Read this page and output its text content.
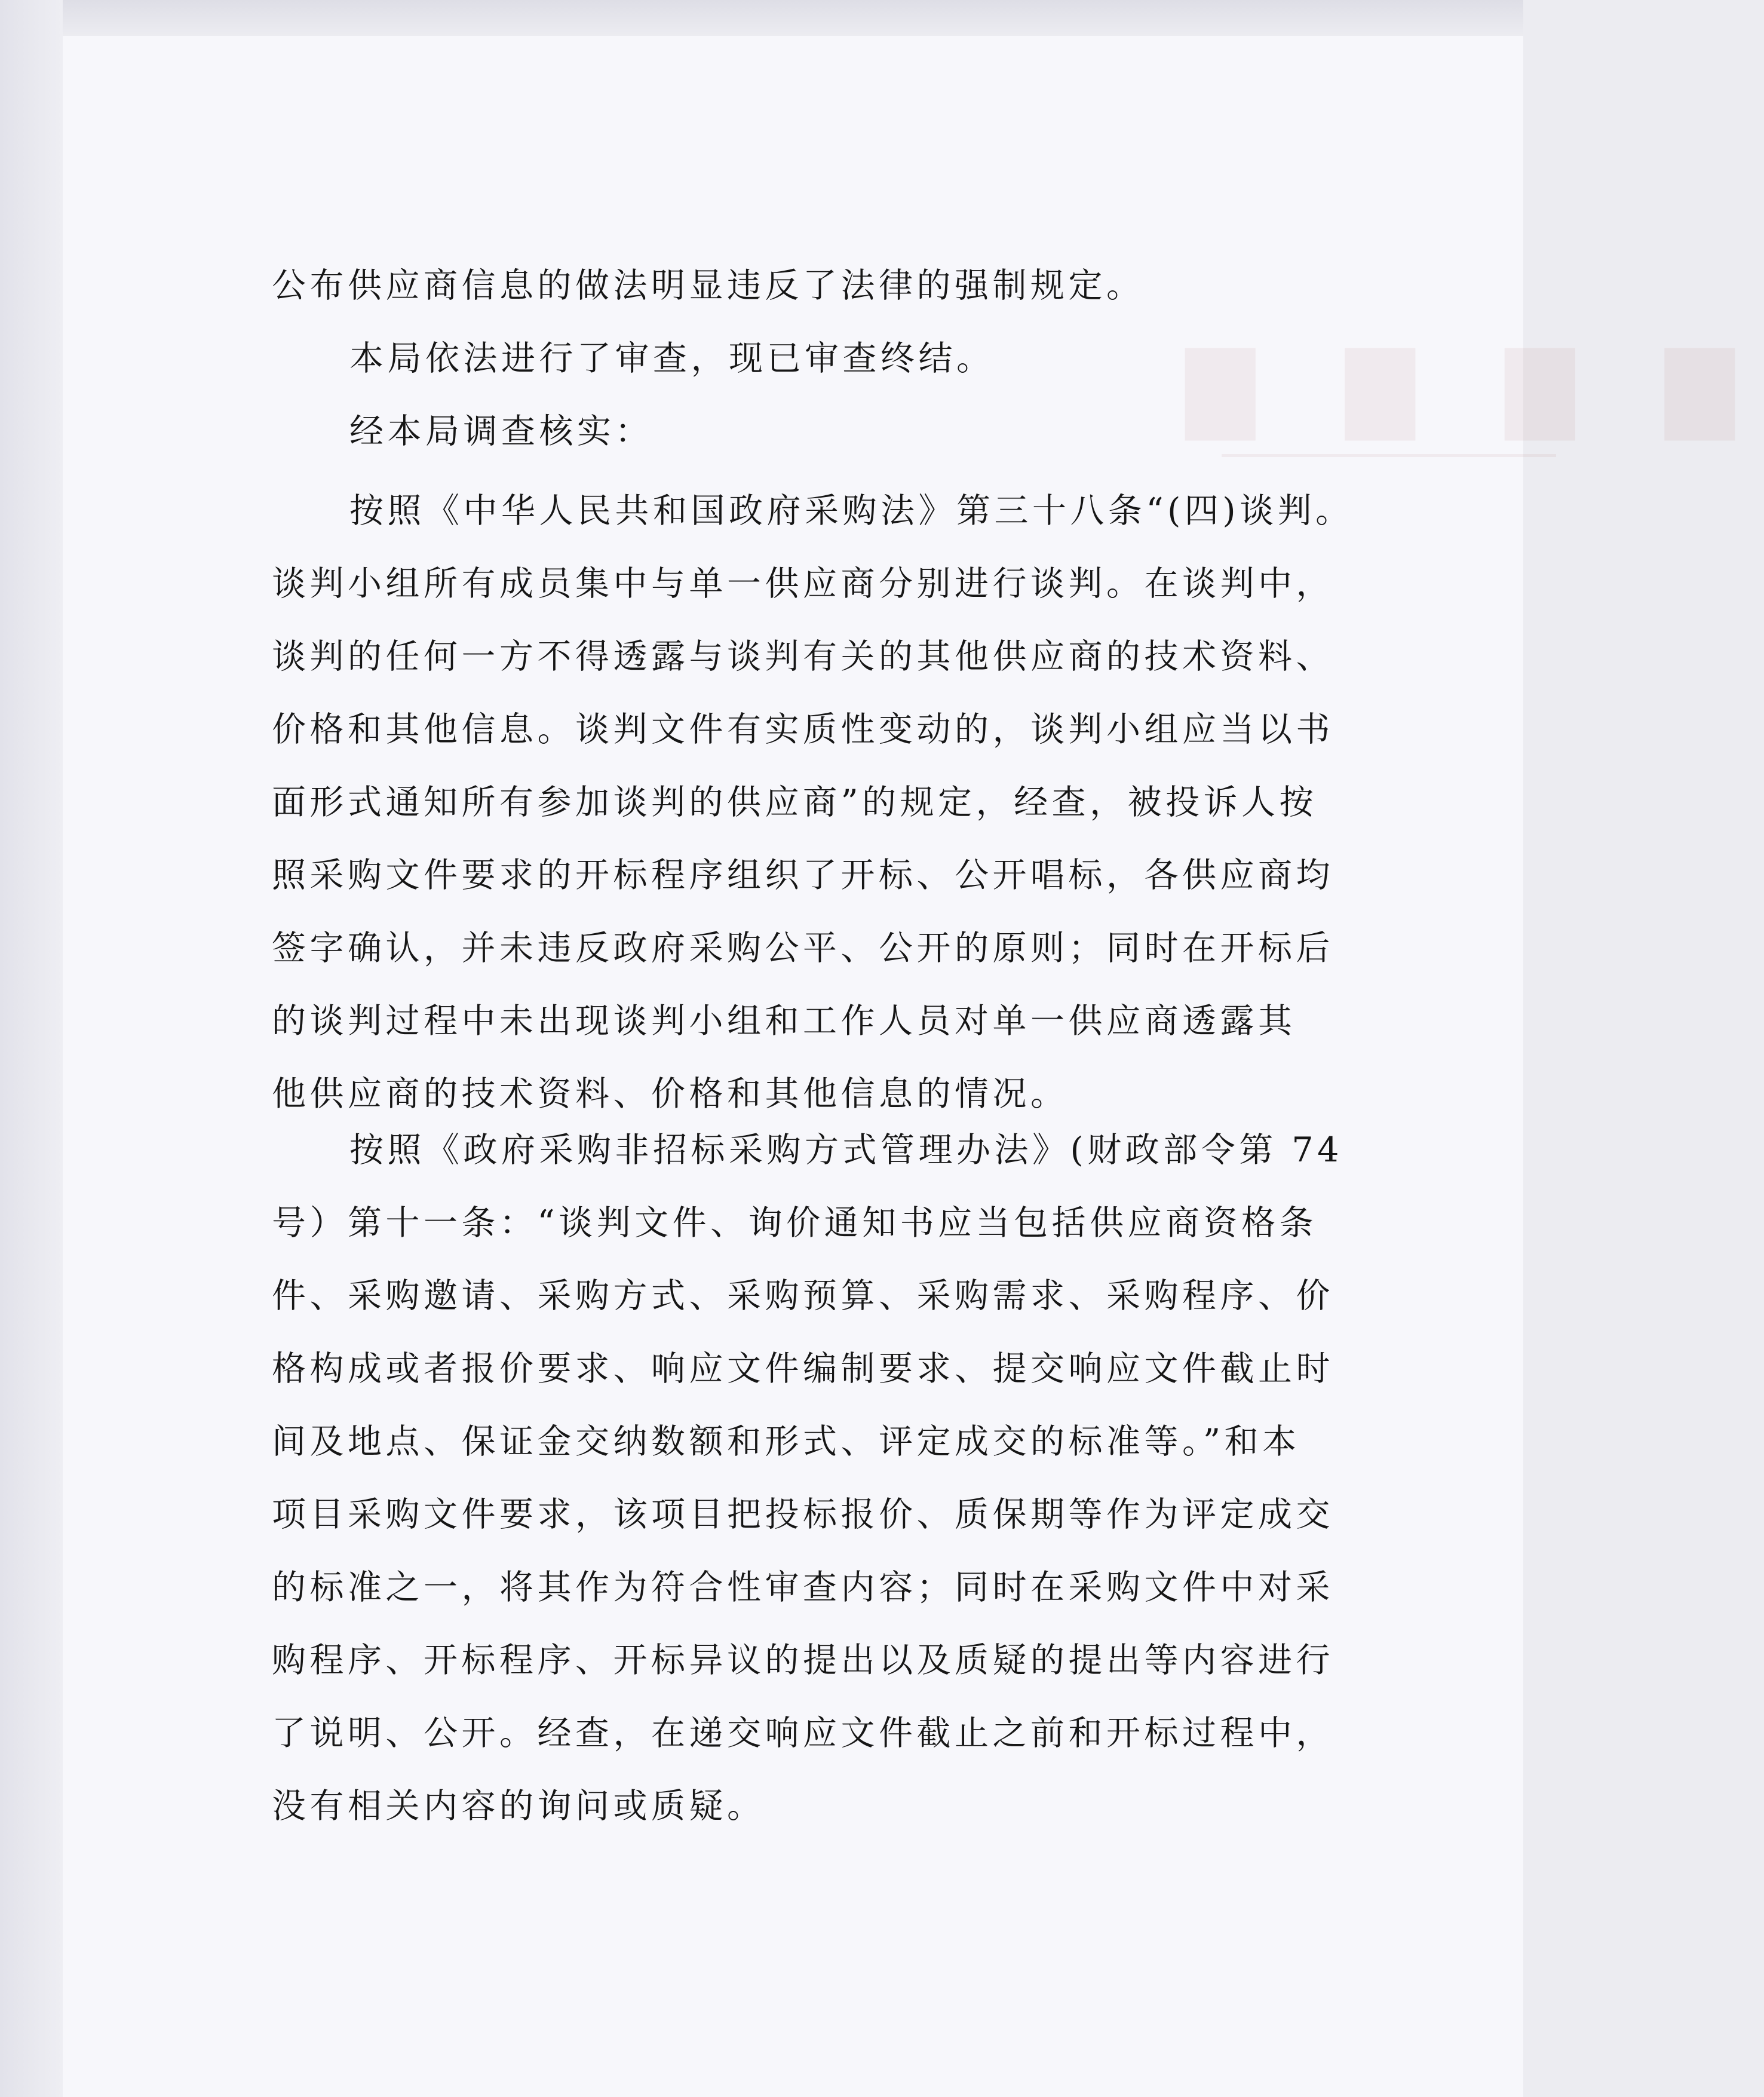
▇ ▇ ▇ ▇
公布供应商信息的做法明显违反了法律的强制规定。
本局依法进行了审查，现已审查终结。
经本局调查核实：
按照《中华人民共和国政府采购法》第三十八条“(四)谈判。
谈判小组所有成员集中与单一供应商分别进行谈判。在谈判中，
谈判的任何一方不得透露与谈判有关的其他供应商的技术资料、
价格和其他信息。谈判文件有实质性变动的，谈判小组应当以书
面形式通知所有参加谈判的供应商”的规定，经查，被投诉人按
照采购文件要求的开标程序组织了开标、公开唱标，各供应商均
签字确认，并未违反政府采购公平、公开的原则；同时在开标后
的谈判过程中未出现谈判小组和工作人员对单一供应商透露其
他供应商的技术资料、价格和其他信息的情况。
按照《政府采购非招标采购方式管理办法》(财政部令第 74
号）第十一条：“谈判文件、询价通知书应当包括供应商资格条
件、采购邀请、采购方式、采购预算、采购需求、采购程序、价
格构成或者报价要求、响应文件编制要求、提交响应文件截止时
间及地点、保证金交纳数额和形式、评定成交的标准等。”和本
项目采购文件要求，该项目把投标报价、质保期等作为评定成交
的标准之一，将其作为符合性审查内容；同时在采购文件中对采
购程序、开标程序、开标异议的提出以及质疑的提出等内容进行
了说明、公开。经查，在递交响应文件截止之前和开标过程中，
没有相关内容的询问或质疑。
